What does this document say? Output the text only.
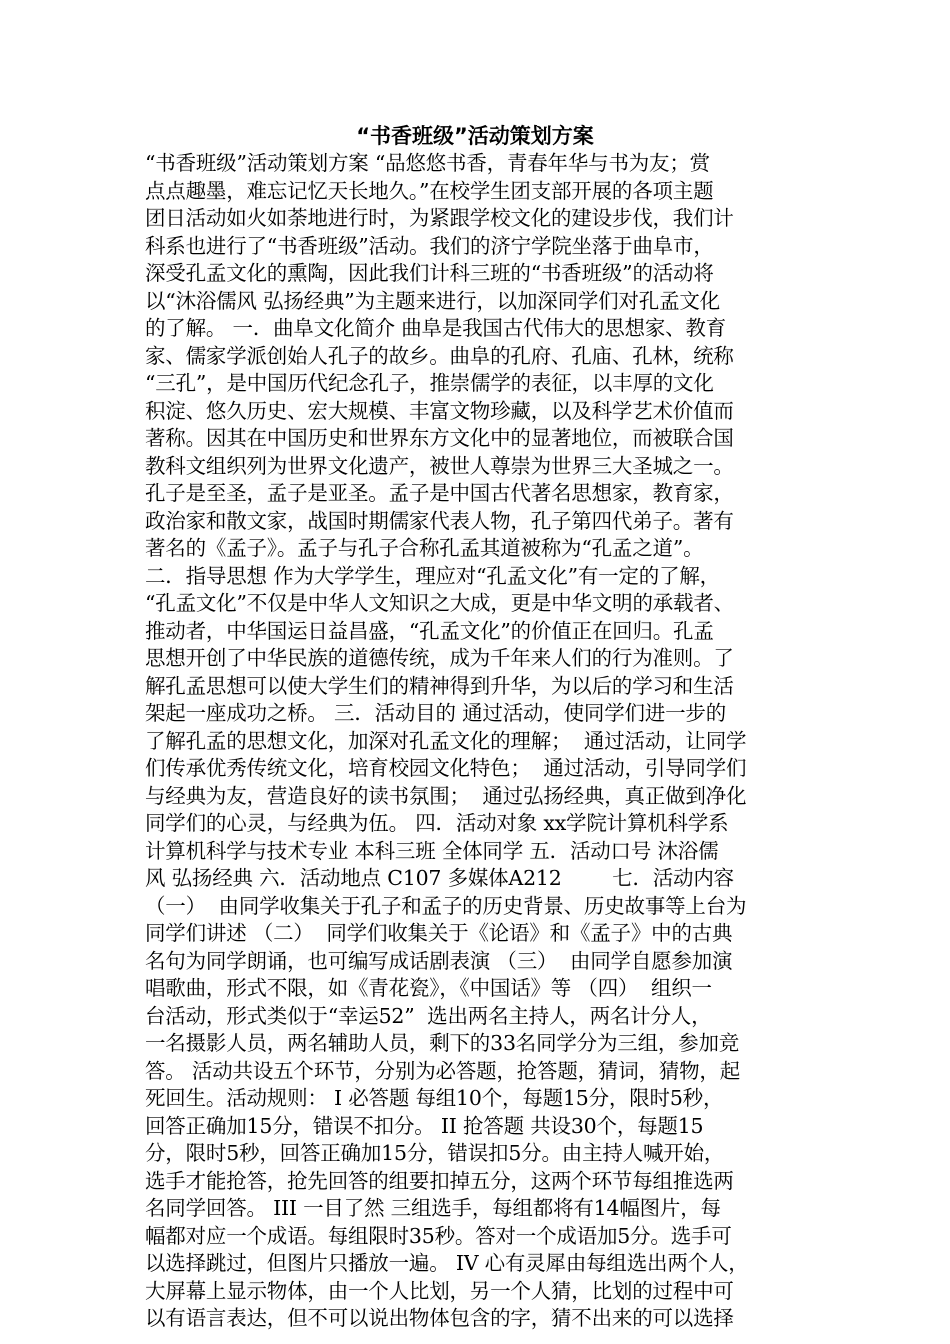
“书香班级”活动策划方案
“书香班级”活动策划方案 “品悠悠书香，青春年华与书为友；赏
点点趣墨，难忘记忆天长地久。”在校学生团支部开展的各项主题
团日活动如火如荼地进行时，为紧跟学校文化的建设步伐，我们计
科系也进行了“书香班级”活动。我们的济宁学院坐落于曲阜市，
深受孔孟文化的熏陶，因此我们计科三班的“书香班级”的活动将
以“沐浴儒风 弘扬经典”为主题来进行，以加深同学们对孔孟文化
的了解。 一．曲阜文化简介 曲阜是我国古代伟大的思想家、教育
家、儒家学派创始人孔子的故乡。曲阜的孔府、孔庙、孔林，统称
“三孔”，是中国历代纪念孔子，推崇儒学的表征，以丰厚的文化
积淀、悠久历史、宏大规模、丰富文物珍藏，以及科学艺术价值而
著称。因其在中国历史和世界东方文化中的显著地位，而被联合国
教科文组织列为世界文化遗产，被世人尊崇为世界三大圣城之一。
孔子是至圣，孟子是亚圣。孟子是中国古代著名思想家，教育家，
政治家和散文家，战国时期儒家代表人物，孔子第四代弟子。著有
著名的《孟子》。孟子与孔子合称孔孟其道被称为“孔孟之道”。
二．指导思想 作为大学学生，理应对“孔孟文化”有一定的了解，
“孔孟文化”不仅是中华人文知识之大成，更是中华文明的承载者、
推动者，中华国运日益昌盛，“孔孟文化”的价值正在回归。孔孟
思想开创了中华民族的道德传统，成为千年来人们的行为准则。了
解孔孟思想可以使大学生们的精神得到升华，为以后的学习和生活
架起一座成功之桥。 三．活动目的 通过活动，使同学们进一步的
了解孔孟的思想文化，加深对孔孟文化的理解；  通过活动，让同学
们传承优秀传统文化，培育校园文化特色；  通过活动，引导同学们
与经典为友，营造良好的读书氛围；  通过弘扬经典，真正做到净化
同学们的心灵，与经典为伍。 四．活动对象 xx学院计算机科学系
计算机科学与技术专业 本科三班 全体同学 五．活动口号 沐浴儒
风 弘扬经典 六．活动地点 C107 多媒体A212        七．活动内容
（一）  由同学收集关于孔子和孟子的历史背景、历史故事等上台为
同学们讲述 （二）  同学们收集关于《论语》和《孟子》中的古典
名句为同学朗诵，也可编写成话剧表演 （三）  由同学自愿参加演
唱歌曲，形式不限，如《青花瓷》，《中国话》等 （四）  组织一
台活动，形式类似于“幸运52”  选出两名主持人，两名计分人，
一名摄影人员，两名辅助人员，剩下的33名同学分为三组，参加竞
答。 活动共设五个环节，分别为必答题，抢答题，猜词，猜物，起
死回生。活动规则： I 必答题 每组10个，每题15分，限时5秒，
回答正确加15分，错误不扣分。 II 抢答题 共设30个，每题15
分，限时5秒，回答正确加15分，错误扣5分。由主持人喊开始，
选手才能抢答，抢先回答的组要扣掉五分，这两个环节每组推选两
名同学回答。 III 一目了然 三组选手，每组都将有14幅图片，每
幅都对应一个成语。每组限时35秒。答对一个成语加5分。选手可
以选择跳过，但图片只播放一遍。 IV 心有灵犀由每组选出两个人，
大屏幕上显示物体，由一个人比划，另一个人猜，比划的过程中可
以有语言表达，但不可以说出物体包含的字，猜不出来的可以选择
